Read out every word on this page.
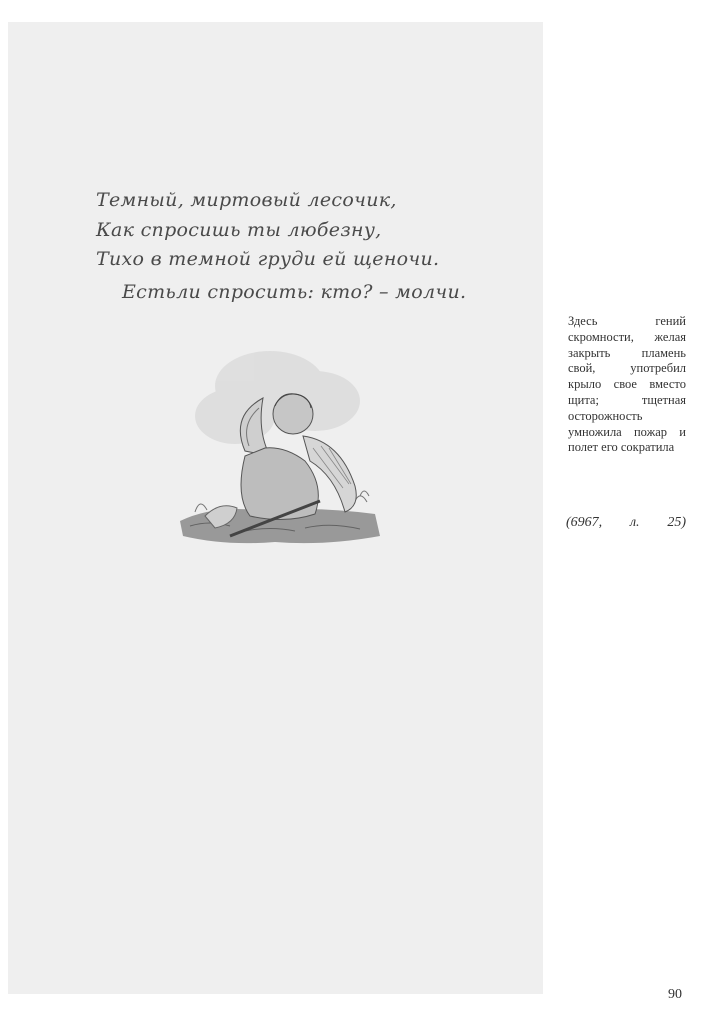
Темный, миртовый лесочик,
Как спросишь ты любезну,
Тихо в темной груди ей щеночи.
Естьли спросить: кто? – молчи.
Здесь гений скромности, желая закрыть пламень свой, употребил крыло свое вместо щита; тщетная осторожность умножила пожар и полет его сократила
(6967, л. 25)
90
